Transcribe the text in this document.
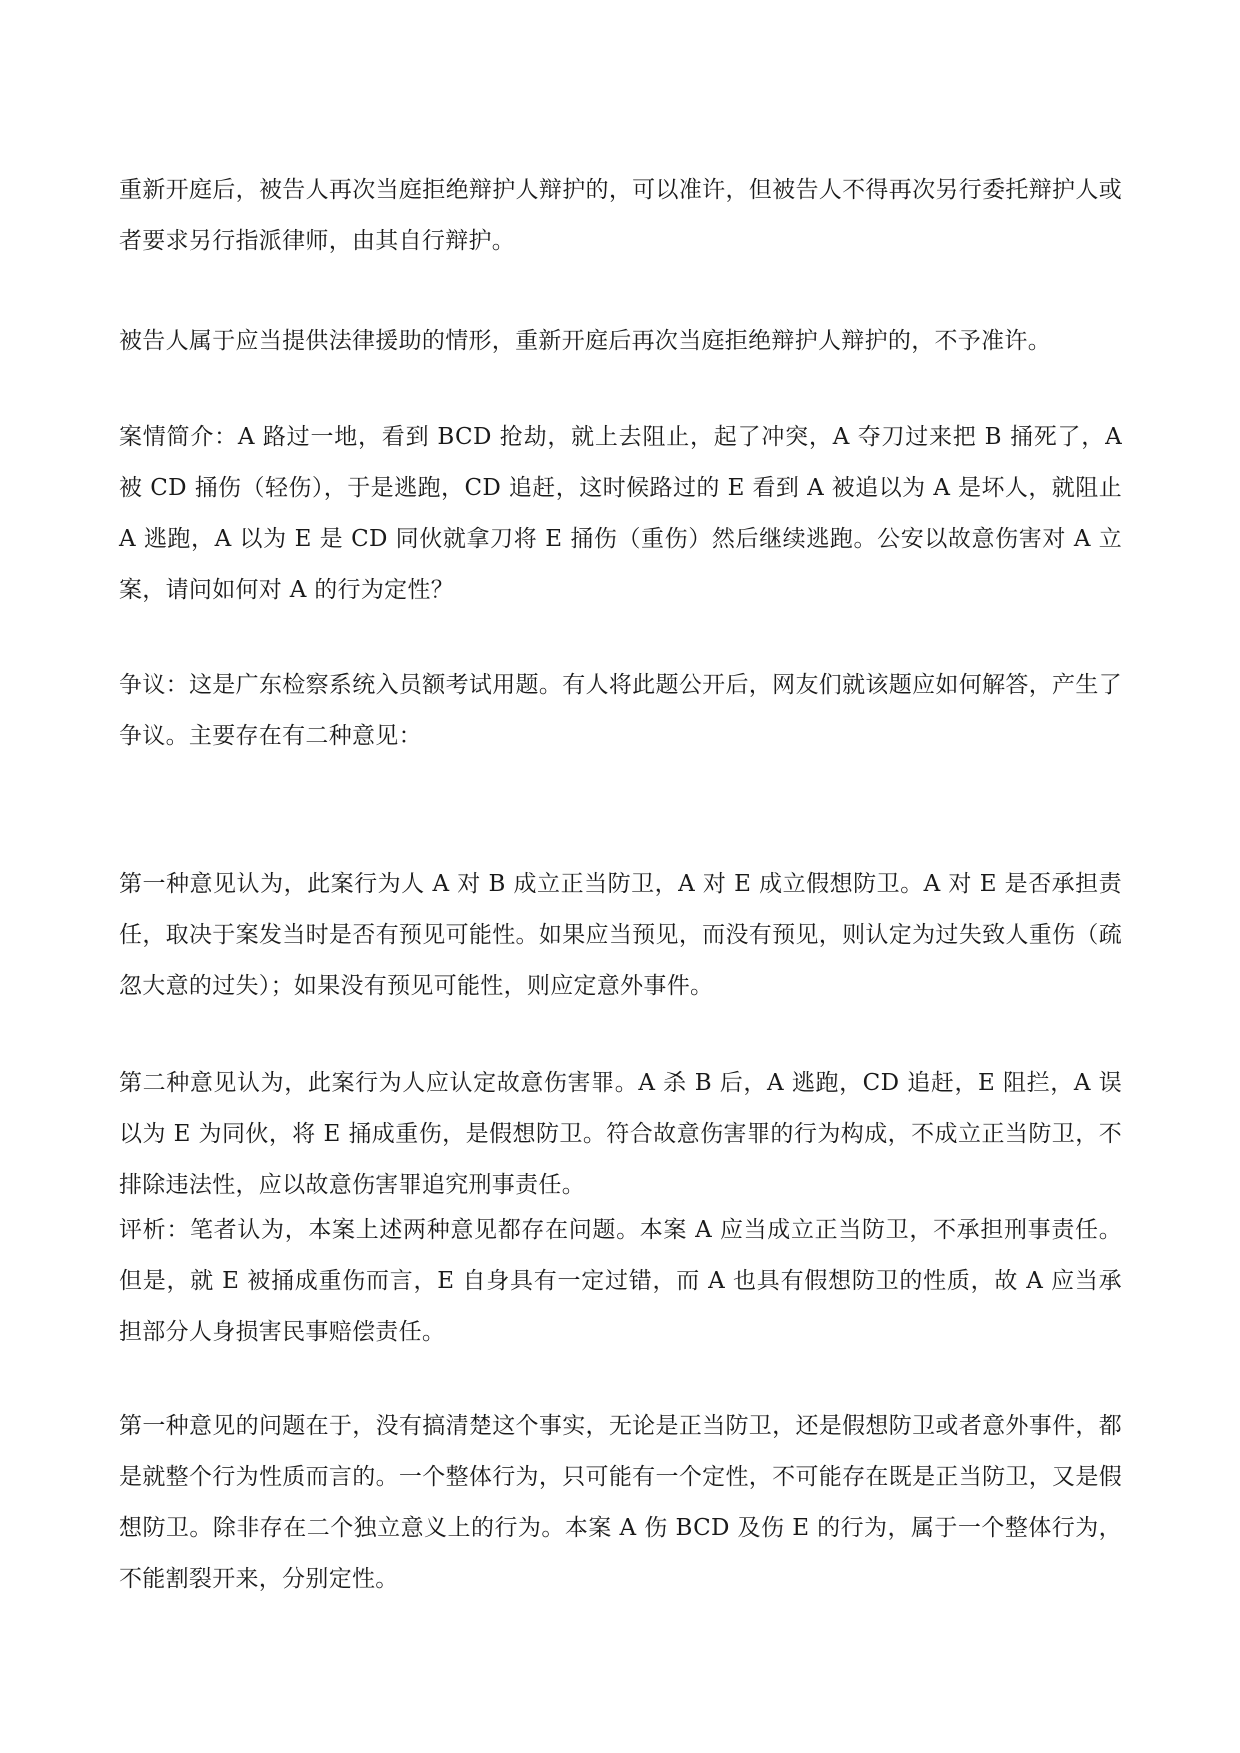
重新开庭后，被告人再次当庭拒绝辩护人辩护的，可以准许，但被告人不得再次另行委托辩护人或者要求另行指派律师，由其自行辩护。

被告人属于应当提供法律援助的情形，重新开庭后再次当庭拒绝辩护人辩护的，不予准许。

案情简介：A 路过一地，看到 BCD 抢劫，就上去阻止，起了冲突，A 夺刀过来把 B 捅死了，A 被 CD 捅伤（轻伤），于是逃跑，CD 追赶，这时候路过的 E 看到 A 被追以为 A 是坏人，就阻止 A 逃跑，A 以为 E 是 CD 同伙就拿刀将 E 捅伤（重伤）然后继续逃跑。公安以故意伤害对 A 立案，请问如何对 A 的行为定性？

争议：这是广东检察系统入员额考试用题。有人将此题公开后，网友们就该题应如何解答，产生了争议。主要存在有二种意见：

第一种意见认为，此案行为人 A 对 B 成立正当防卫，A 对 E 成立假想防卫。A 对 E 是否承担责任，取决于案发当时是否有预见可能性。如果应当预见，而没有预见，则认定为过失致人重伤（疏忽大意的过失）；如果没有预见可能性，则应定意外事件。

第二种意见认为，此案行为人应认定故意伤害罪。A 杀 B 后，A 逃跑，CD 追赶，E 阻拦，A 误以为 E 为同伙，将 E 捅成重伤，是假想防卫。符合故意伤害罪的行为构成，不成立正当防卫，不排除违法性，应以故意伤害罪追究刑事责任。

评析：笔者认为，本案上述两种意见都存在问题。本案 A 应当成立正当防卫，不承担刑事责任。但是，就 E 被捅成重伤而言，E 自身具有一定过错，而 A 也具有假想防卫的性质，故 A 应当承担部分人身损害民事赔偿责任。

第一种意见的问题在于，没有搞清楚这个事实，无论是正当防卫，还是假想防卫或者意外事件，都是就整个行为性质而言的。一个整体行为，只可能有一个定性，不可能存在既是正当防卫，又是假想防卫。除非存在二个独立意义上的行为。本案 A 伤 BCD 及伤 E 的行为，属于一个整体行为，不能割裂开来，分别定性。
